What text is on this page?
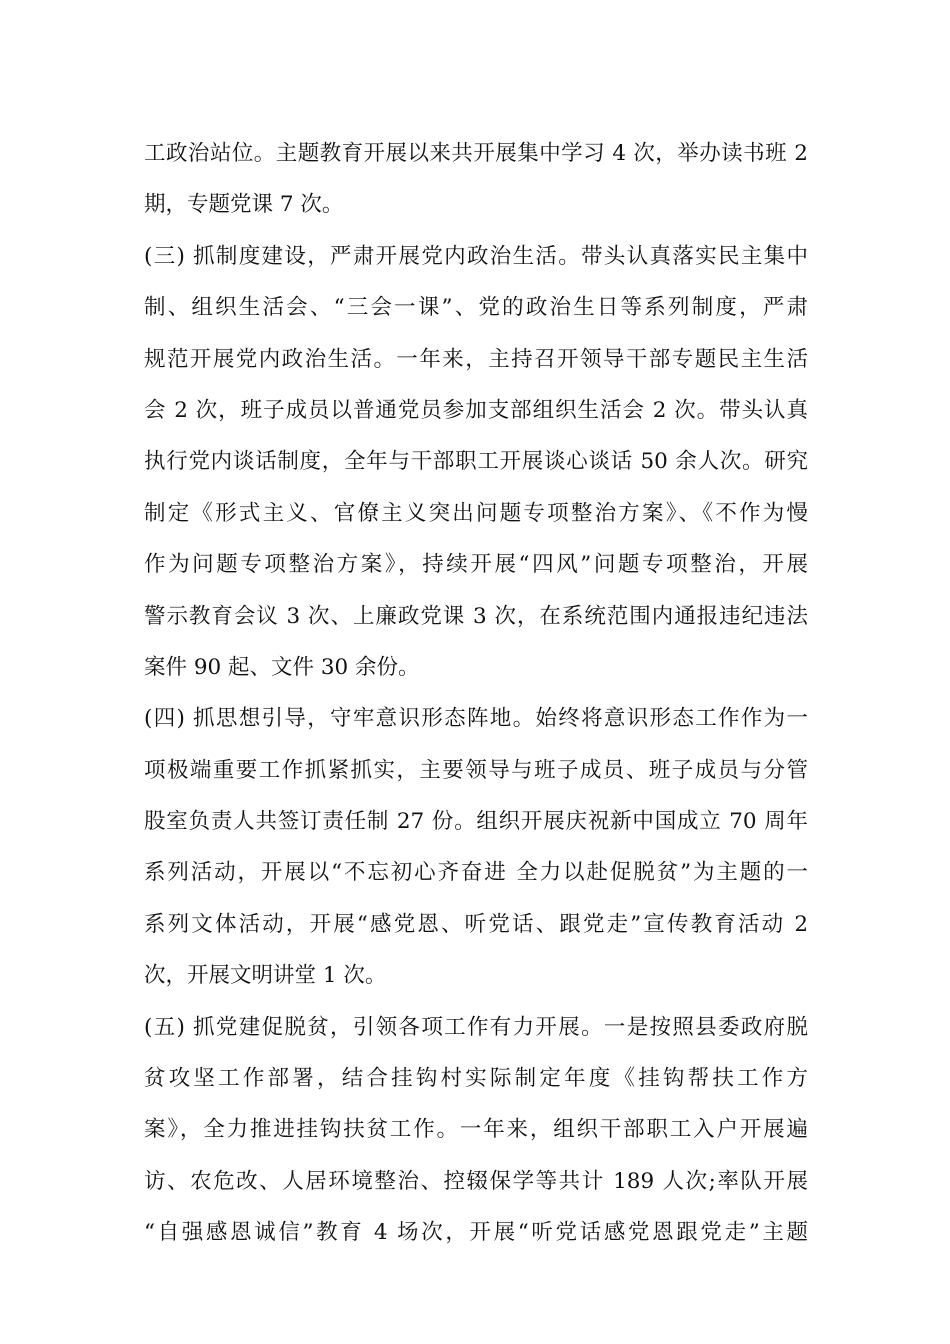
工政治站位。主题教育开展以来共开展集中学习 4 次，举办读书班 2
期，专题党课 7 次。
(三) 抓制度建设，严肃开展党内政治生活。带头认真落实民主集中
制、组织生活会、“三会一课”、党的政治生日等系列制度，严肃
规范开展党内政治生活。一年来，主持召开领导干部专题民主生活
会 2 次，班子成员以普通党员参加支部组织生活会 2 次。带头认真
执行党内谈话制度，全年与干部职工开展谈心谈话 50 余人次。研究
制定《形式主义、官僚主义突出问题专项整治方案》、《不作为慢
作为问题专项整治方案》，持续开展“四风”问题专项整治，开展
警示教育会议 3 次、上廉政党课 3 次，在系统范围内通报违纪违法
案件 90 起、文件 30 余份。
(四) 抓思想引导，守牢意识形态阵地。始终将意识形态工作作为一
项极端重要工作抓紧抓实，主要领导与班子成员、班子成员与分管
股室负责人共签订责任制 27 份。组织开展庆祝新中国成立 70 周年
系列活动，开展以“不忘初心齐奋进 全力以赴促脱贫”为主题的一
系列文体活动，开展“感党恩、听党话、跟党走”宣传教育活动 2
次，开展文明讲堂 1 次。
(五) 抓党建促脱贫，引领各项工作有力开展。一是按照县委政府脱
贫攻坚工作部署，结合挂钩村实际制定年度《挂钩帮扶工作方
案》，全力推进挂钩扶贫工作。一年来，组织干部职工入户开展遍
访、农危改、人居环境整治、控辍保学等共计 189 人次;率队开展
“自强感恩诚信”教育 4 场次，开展“听党话感党恩跟党走”主题
